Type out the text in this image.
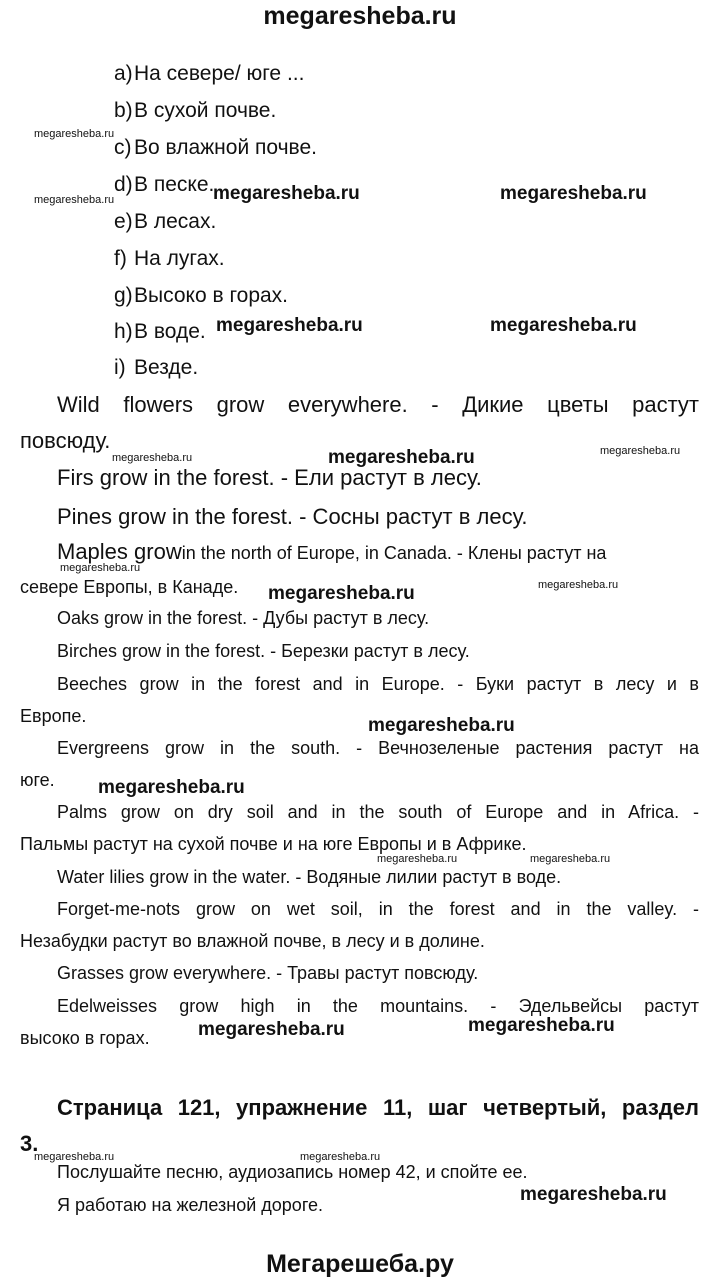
megaresheba.ru
a)На севере/ юге ...
b)В сухой почве.
c) Во влажной почве.
d)В песке.
e)В лесах.
f) На лугах.
g)Высоко в горах.
h)В воде.
i) Везде.
Wild flowers grow everywhere. - Дикие цветы растут
повсюду.
Firs grow in the forest. - Ели растут в лесу.
Pines grow in the forest. - Сосны растут в лесу.
Maples growin the north of Europe, in Canada. - Клены растут на
севере Европы, в Канаде.
Oaks grow in the forest. - Дубы растут в лесу.
Birches grow in the forest. - Березки растут в лесу.
Beeches grow in the forest and in Europe. - Буки растут в лесу и в
Европе.
Evergreens grow in the south. - Вечнозеленые растения растут на
юге.
Palms grow on dry soil and in the south of Europe and in Africa. -
Пальмы растут на сухой почве и на юге Европы и в Африке.
Water lilies grow in the water. - Водяные лилии растут в воде.
Forget-me-nots grow on wet soil, in the forest and in the valley. -
Незабудки растут во влажной почве, в лесу и в долине.
Grasses grow everywhere. - Травы растут повсюду.
Edelweisses grow high in the mountains. - Эдельвейсы растут
высоко в горах.
Страница 121, упражнение 11, шаг четвертый, раздел
3.
Послушайте песню, аудиозапись номер 42, и спойте ее.
Я работаю на железной дороге.
megaresheba.ru	megaresheba.ru
megaresheba.ru	megaresheba.ru
megaresheba.ru
megaresheba.ru
megaresheba.ru
megaresheba.ru
megaresheba.ru	megaresheba.ru
megaresheba.ru
megaresheba.ru
megaresheba.ru
megaresheba.ru
megaresheba.ru
megaresheba.ru
megaresheba.ru
megaresheba.ru	megaresheba.ru
megaresheba.ru	megaresheba.ru
Мегарешеба.ру
